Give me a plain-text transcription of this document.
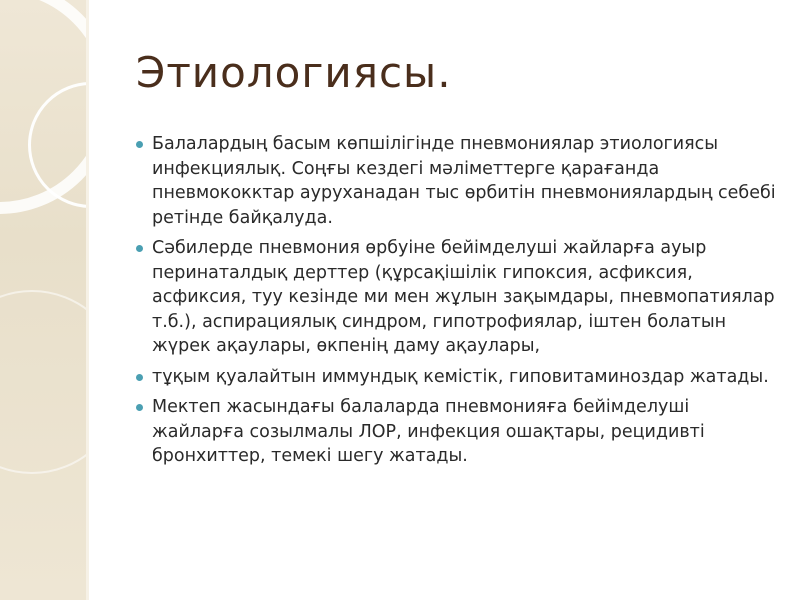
Этиологиясы.
Балалардың басым көпшілігінде пневмониялар этиологиясы инфекциялық. Соңғы кездегі мәліметтерге қарағанда пневмококктар ауруханадан тыс өрбитін пневмониялардың себебі ретінде байқалуда.
Сәбилерде пневмония өрбуіне бейімделуші жайларға ауыр перинаталдық дерттер (құрсақішілік гипоксия, асфиксия, асфиксия, туу кезінде ми мен жұлын зақымдары, пневмопатиялар т.б.), аспирациялық синдром, гипотрофиялар, іштен болатын жүрек ақаулары, өкпенің даму ақаулары,
тұқым қуалайтын иммундық кемістік, гиповитаминоздар жатады.
Мектеп жасындағы балаларда пневмонияға бейімделуші жайларға созылмалы ЛОР, инфекция ошақтары, рецидивті бронхиттер, темекі шегу жатады.
